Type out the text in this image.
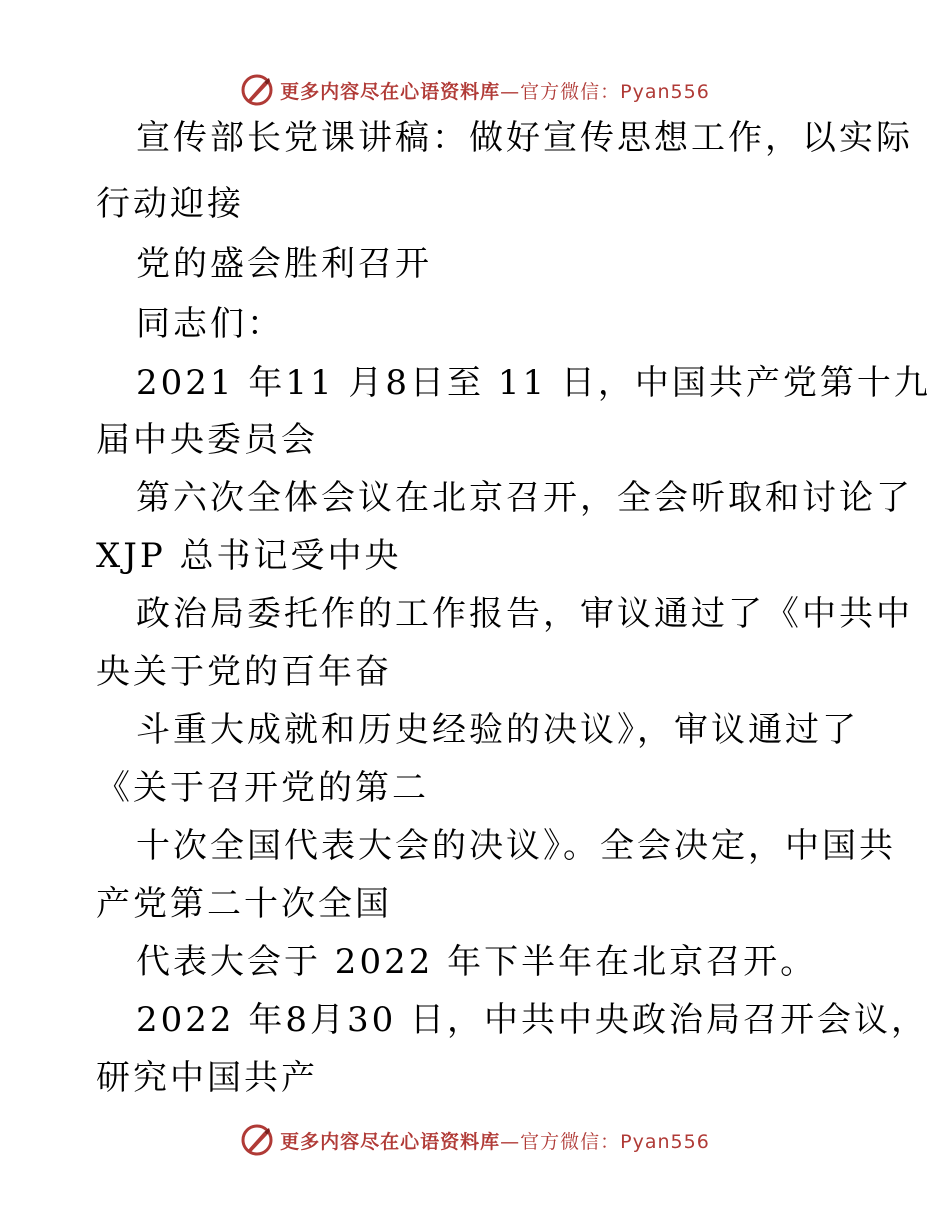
更多内容尽在心语资料库—官方微信：Pyan556
宣传部长党课讲稿：做好宣传思想工作，以实际
行动迎接
党的盛会胜利召开
同志们：
2021 年11 月8日至 11 日，中国共产党第十九
届中央委员会
第六次全体会议在北京召开，全会听取和讨论了
XJP 总书记受中央
政治局委托作的工作报告，审议通过了《中共中
央关于党的百年奋
斗重大成就和历史经验的决议》，审议通过了
《关于召开党的第二
十次全国代表大会的决议》。全会决定，中国共
产党第二十次全国
代表大会于 2022 年下半年在北京召开。
2022 年8月30 日，中共中央政治局召开会议，
研究中国共产
更多内容尽在心语资料库—官方微信：Pyan556
